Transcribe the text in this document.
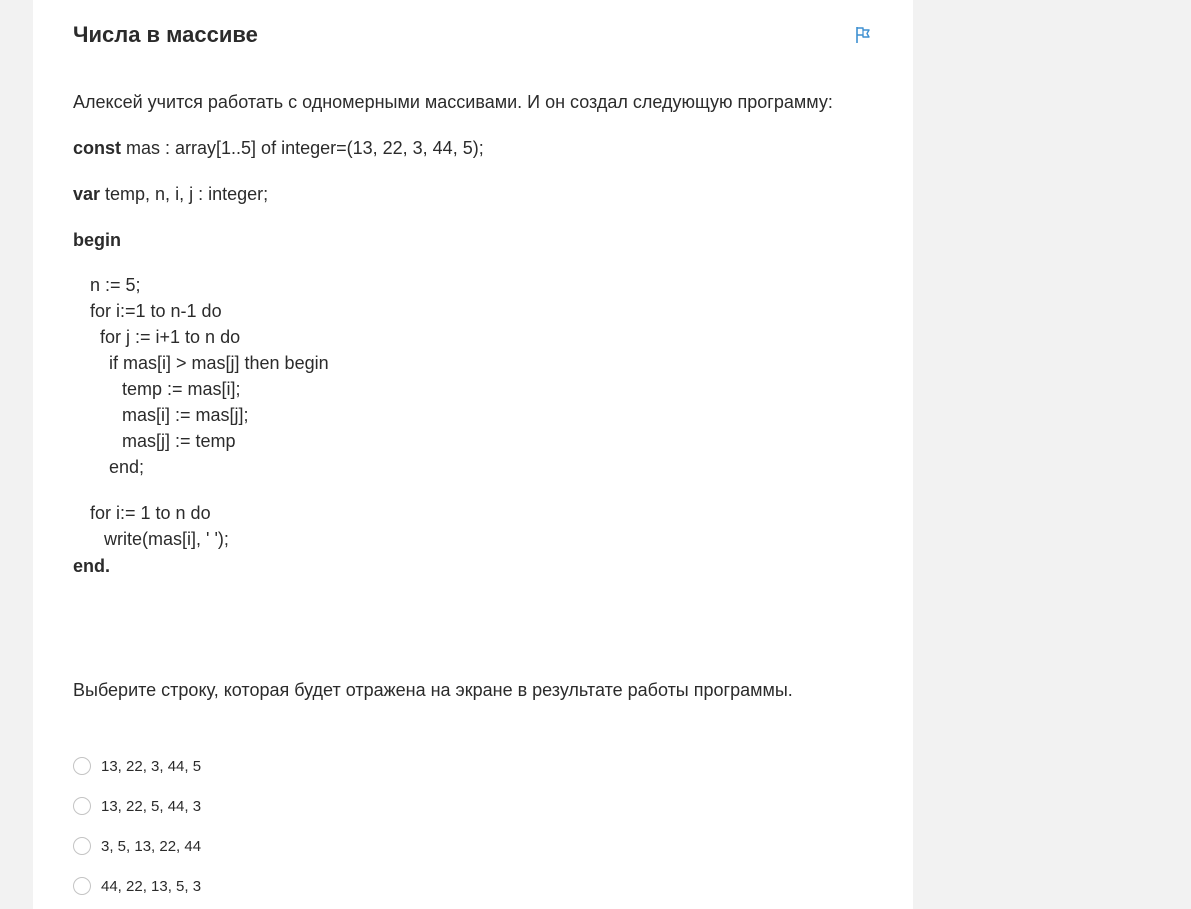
Числа в массиве
Алексей учится работать с одномерными массивами. И он создал следующую программу:
const mas : array[1..5] of integer=(13, 22, 3, 44, 5);
var temp, n, i, j : integer;
begin
n := 5;
for i:=1 to n-1 do
for j := i+1 to n do
if mas[i] > mas[j] then begin
temp := mas[i];
mas[i] := mas[j];
mas[j] := temp
end;
for i:= 1 to n do
write(mas[i], ' ');
end.
Выберите строку, которая будет отражена на экране в результате работы программы.
13, 22, 3, 44, 5
13, 22, 5, 44, 3
3, 5, 13, 22, 44
44, 22, 13, 5, 3
